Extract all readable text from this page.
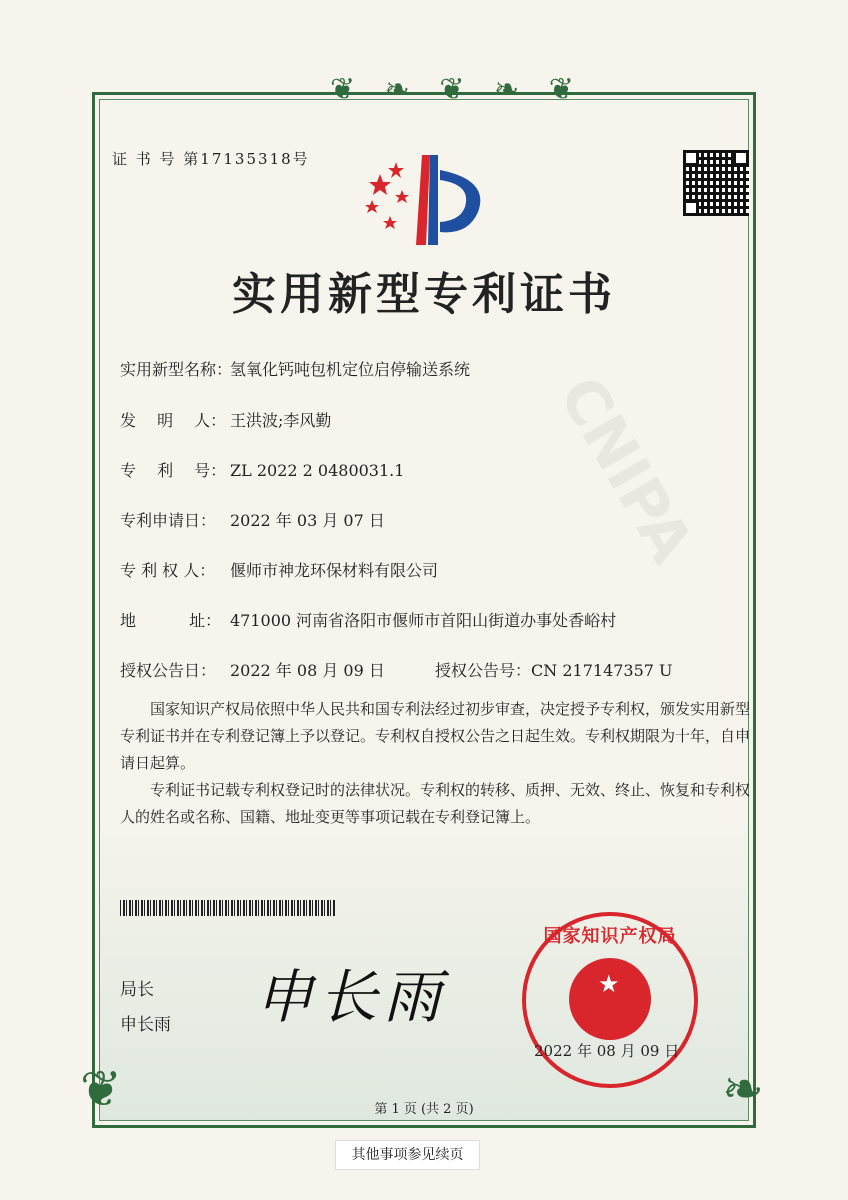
❦ ❧ ❦ ❧ ❦
❦	❧
CNIPA
证 书 号 第17135318号
实用新型专利证书
实用新型名称：氢氧化钙吨包机定位启停输送系统
发　 明　 人： 王洪波;李风勤
专　 利　 号： ZL 2022 2 0480031.1
专利申请日： 2022 年 03 月 07 日
专 利 权 人： 偃师市神龙环保材料有限公司
地　　　 址： 471000 河南省洛阳市偃师市首阳山街道办事处香峪村
授权公告日： 2022 年 08 月 09 日	授权公告号：CN 217147357 U

国家知识产权局依照中华人民共和国专利法经过初步审查，决定授予专利权，颁发实用新型专利证书并在专利登记簿上予以登记。专利权自授权公告之日起生效。专利权期限为十年，自申请日起算。

专利证书记载专利权登记时的法律状况。专利权的转移、质押、无效、终止、恢复和专利权人的姓名或名称、国籍、地址变更等事项记载在专利登记簿上。

局长
申长雨 申长雨
国家知识产权局
★
2022 年 08 月 09 日
第 1 页 (共 2 页)
其他事项参见续页
